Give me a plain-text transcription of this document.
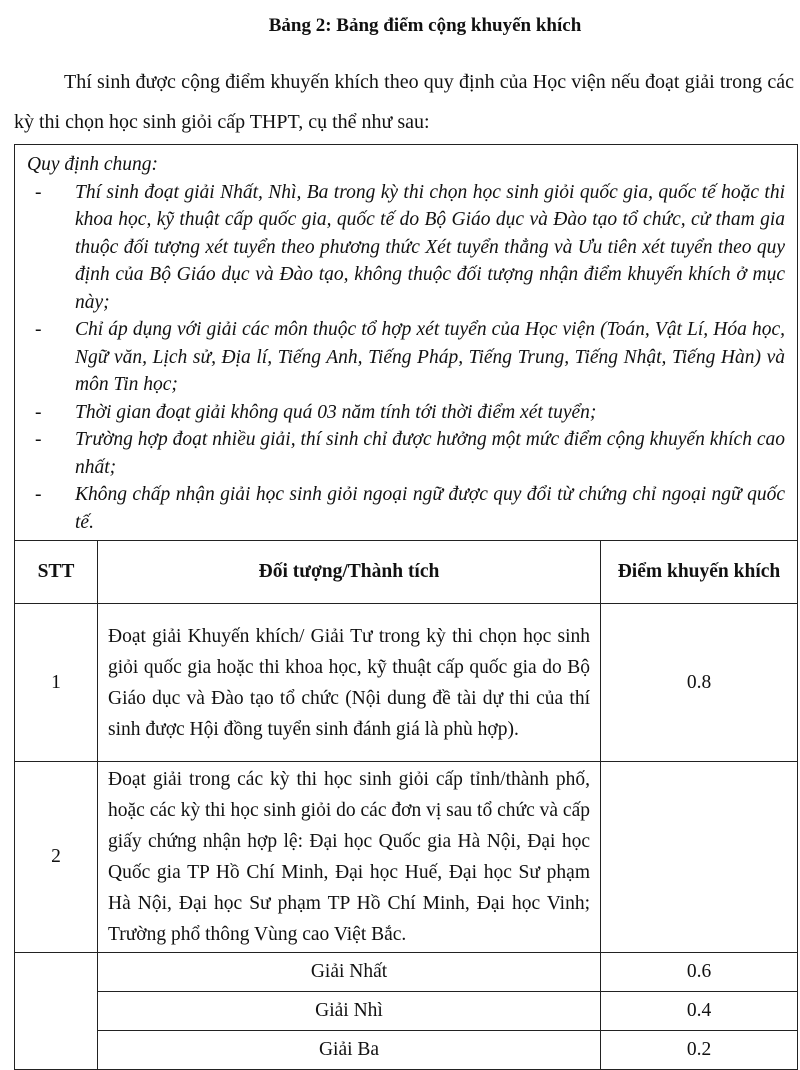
Bảng 2: Bảng điểm cộng khuyến khích
Thí sinh được cộng điểm khuyến khích theo quy định của Học viện nếu đoạt giải trong các kỳ thi chọn học sinh giỏi cấp THPT, cụ thể như sau:
Quy định chung:
- Thí sinh đoạt giải Nhất, Nhì, Ba trong kỳ thi chọn học sinh giỏi quốc gia, quốc tế hoặc thi khoa học, kỹ thuật cấp quốc gia, quốc tế do Bộ Giáo dục và Đào tạo tổ chức, cử tham gia thuộc đối tượng xét tuyển theo phương thức Xét tuyển thẳng và Ưu tiên xét tuyển theo quy định của Bộ Giáo dục và Đào tạo, không thuộc đối tượng nhận điểm khuyến khích ở mục này;
- Chỉ áp dụng với giải các môn thuộc tổ hợp xét tuyển của Học viện (Toán, Vật Lí, Hóa học, Ngữ văn, Lịch sử, Địa lí, Tiếng Anh, Tiếng Pháp, Tiếng Trung, Tiếng Nhật, Tiếng Hàn) và môn Tin học;
- Thời gian đoạt giải không quá 03 năm tính tới thời điểm xét tuyển;
- Trường hợp đoạt nhiều giải, thí sinh chỉ được hưởng một mức điểm cộng khuyến khích cao nhất;
- Không chấp nhận giải học sinh giỏi ngoại ngữ được quy đổi từ chứng chỉ ngoại ngữ quốc tế.
STT	Đối tượng/Thành tích	Điểm khuyến khích
1	Đoạt giải Khuyến khích/ Giải Tư trong kỳ thi chọn học sinh giỏi quốc gia hoặc thi khoa học, kỹ thuật cấp quốc gia do Bộ Giáo dục và Đào tạo tổ chức (Nội dung đề tài dự thi của thí sinh được Hội đồng tuyển sinh đánh giá là phù hợp).	0.8
2	Đoạt giải trong các kỳ thi học sinh giỏi cấp tỉnh/thành phố, hoặc các kỳ thi học sinh giỏi do các đơn vị sau tổ chức và cấp giấy chứng nhận hợp lệ: Đại học Quốc gia Hà Nội, Đại học Quốc gia TP Hồ Chí Minh, Đại học Huế, Đại học Sư phạm Hà Nội, Đại học Sư phạm TP Hồ Chí Minh, Đại học Vinh; Trường phổ thông Vùng cao Việt Bắc.	
	Giải Nhất	0.6
	Giải Nhì	0.4
	Giải Ba	0.2
